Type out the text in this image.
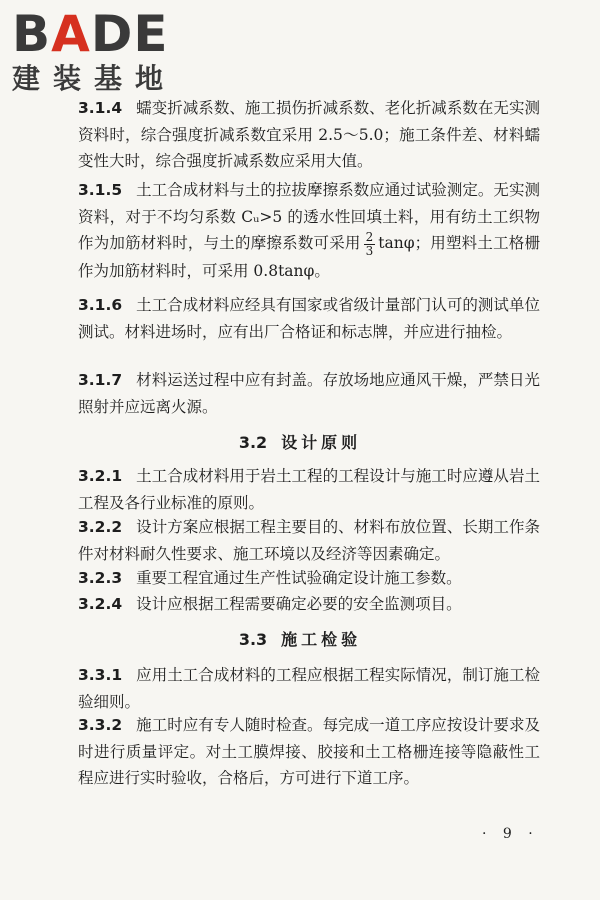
BADE
建装基地
3.1.4 蠕变折减系数、施工损伤折减系数、老化折减系数在无实测资料时，综合强度折减系数宜采用 2.5～5.0；施工条件差、材料蠕变性大时，综合强度折减系数应采用大值。
3.1.5 土工合成材料与土的拉拔摩擦系数应通过试验测定。无实测资料，对于不均匀系数 Cᵤ>5 的透水性回填土料，用有纺土工织物作为加筋材料时，与土的摩擦系数可采用 $\frac{2}{3}$ tanφ；用塑料土工格栅作为加筋材料时，可采用 0.8tanφ。
3.1.6 土工合成材料应经具有国家或省级计量部门认可的测试单位测试。材料进场时，应有出厂合格证和标志牌，并应进行抽检。
3.1.7 材料运送过程中应有封盖。存放场地应通风干燥，严禁日光照射并应远离火源。
3.2 设计原则
3.2.1 土工合成材料用于岩土工程的工程设计与施工时应遵从岩土工程及各行业标准的原则。
3.2.2 设计方案应根据工程主要目的、材料布放位置、长期工作条件对材料耐久性要求、施工环境以及经济等因素确定。
3.2.3 重要工程宜通过生产性试验确定设计施工参数。
3.2.4 设计应根据工程需要确定必要的安全监测项目。
3.3 施工检验
3.3.1 应用土工合成材料的工程应根据工程实际情况，制订施工检验细则。
3.3.2 施工时应有专人随时检查。每完成一道工序应按设计要求及时进行质量评定。对土工膜焊接、胶接和土工格栅连接等隐蔽性工程应进行实时验收，合格后，方可进行下道工序。
· 9 ·
